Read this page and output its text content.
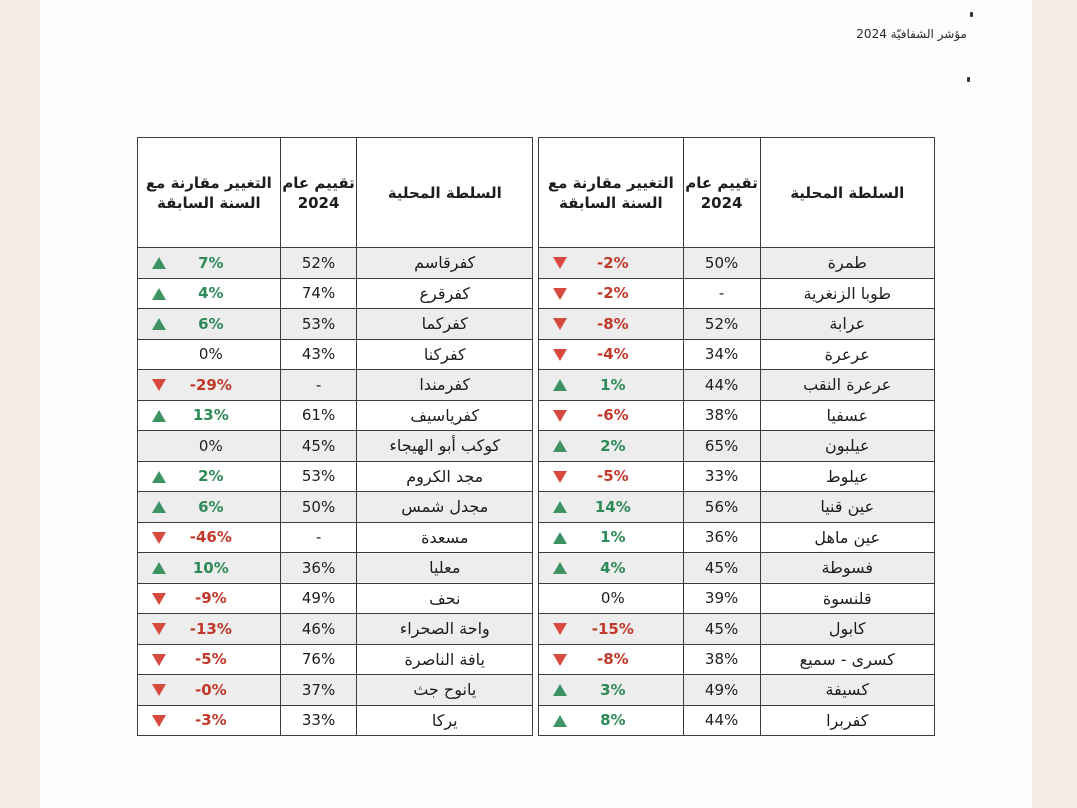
مؤشر الشفافيّة 2024
السلطة المحلية	تقييم عام 2024	التغيير مقارنة مع السنة السابقة
طمرة	50%	-2%
طوبا الزنغرية	-	-2%
عرابة	52%	-8%
عرعرة	34%	-4%
عرعرة النقب	44%	1%
عسفيا	38%	-6%
عيلبون	65%	2%
عيلوط	33%	-5%
عين قنيا	56%	14%
عين ماهل	36%	1%
فسوطة	45%	4%
قلنسوة	39%	0%
كابول	45%	-15%
كسرى - سميع	38%	-8%
كسيفة	49%	3%
كفربرا	44%	8%
السلطة المحلية	تقييم عام 2024	التغيير مقارنة مع السنة السابقة
كفرقاسم	52%	7%
كفرقرع	74%	4%
كفركما	53%	6%
كفركنا	43%	0%
كفرمندا	-	-29%
كفرياسيف	61%	13%
كوكب أبو الهيجاء	45%	0%
مجد الكروم	53%	2%
مجدل شمس	50%	6%
مسعدة	-	-46%
معليا	36%	10%
نحف	49%	-9%
واحة الصحراء	46%	-13%
يافة الناصرة	76%	-5%
يانوح جث	37%	-0%
يركا	33%	-3%
